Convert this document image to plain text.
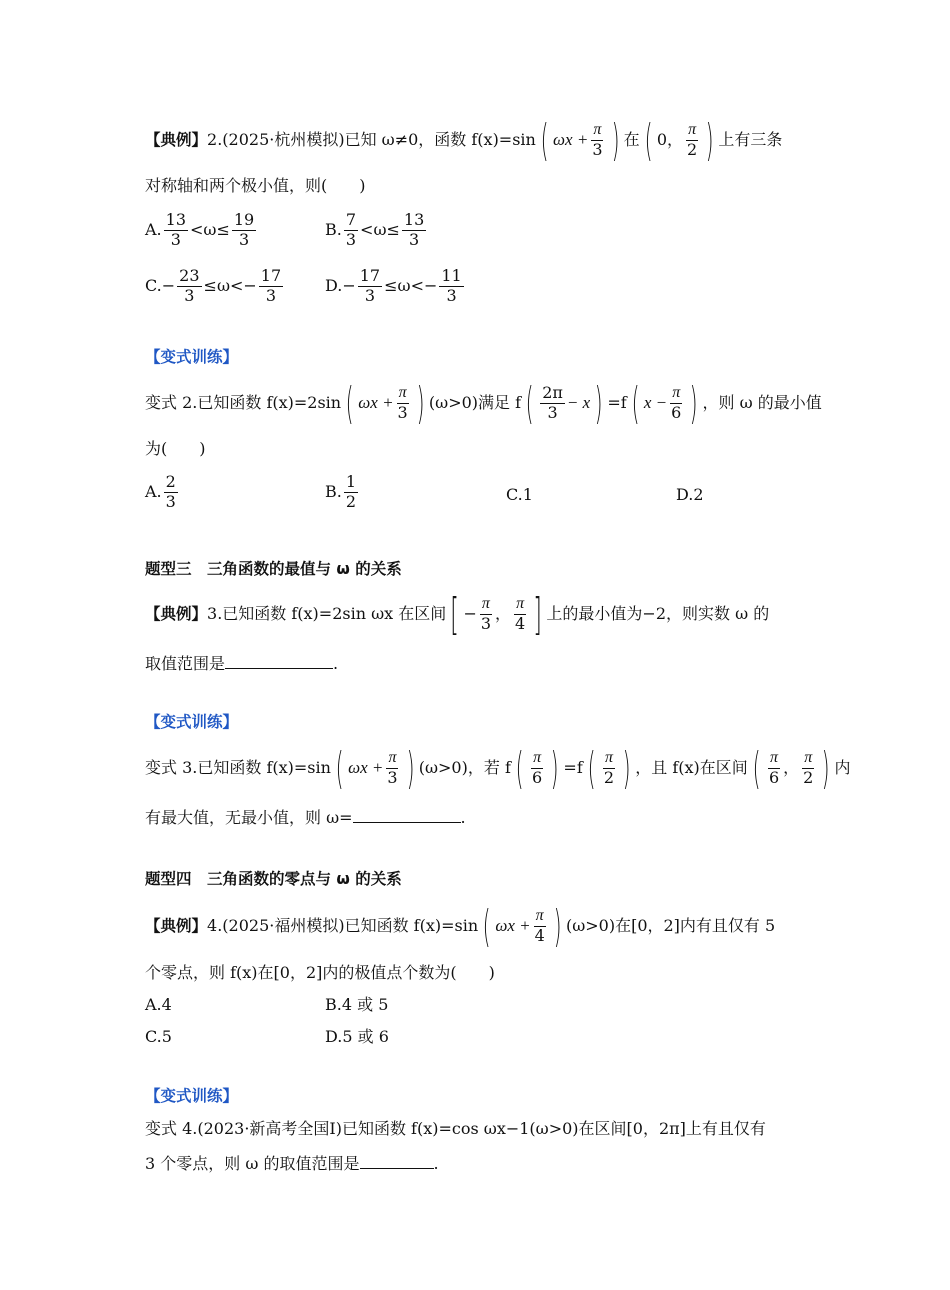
【典例】2.(2025·杭州模拟)已知 ω≠0，函数 f(x)=sin ( $\omega x + \frac{\pi}{3}$ ) 在 ( 0， $\frac{\pi}{2}$ ) 上有三条
对称轴和两个极小值，则(　　)
A. $\frac{13}{3} <\omega\le \frac{19}{3}$	B. $\frac{7}{3} <\omega\le \frac{13}{3}$
$C.- \frac{23}{3} \le\omega<- \frac{17}{3}$	$D.- \frac{17}{3} \le\omega<- \frac{11}{3}$
【变式训练】
变式 2.已知函数 f(x)=2sin ( $\omega x + \frac{\pi}{3}$ ) (ω>0)满足 f ( $\frac{2\pi}{3} - x$ ) =f ( $x - \frac{\pi}{6}$ ) ，则 ω 的最小值
为(　　)
A. $\frac{2}{3}$	B. $\frac{1}{2}$	C.1	D.2
题型三　三角函数的最值与 ω 的关系
【典例】3.已知函数 f(x)=2sin ωx 在区间[ − $\frac{\pi}{3}$ ， $\frac{\pi}{4}$ ] 上的最小值为−2，则实数 ω 的
取值范围是	.
【变式训练】
变式 3.已知函数 f(x)=sin ( $\omega x + \frac{\pi}{3}$ ) (ω>0)，若 f ( $\frac{\pi}{6}$ ) =f ( $\frac{\pi}{2}$ ) ，且 f(x)在区间 ( $\frac{\pi}{6}$ ， $\frac{\pi}{2}$ ) 内
有最大值，无最小值，则 ω=	.
题型四　三角函数的零点与 ω 的关系
【典例】4.(2025·福州模拟)已知函数 f(x)=sin ( $\omega x + \frac{\pi}{4}$ ) (ω>0)在[0，2]内有且仅有 5
个零点，则 f(x)在[0，2]内的极值点个数为(　　)
A.4	B.4 或 5
C.5	D.5 或 6
【变式训练】
变式 4.(2023·新高考全国Ⅰ)已知函数 f(x)=cos ωx−1(ω>0)在区间[0，2π]上有且仅有
3 个零点，则 ω 的取值范围是	.
